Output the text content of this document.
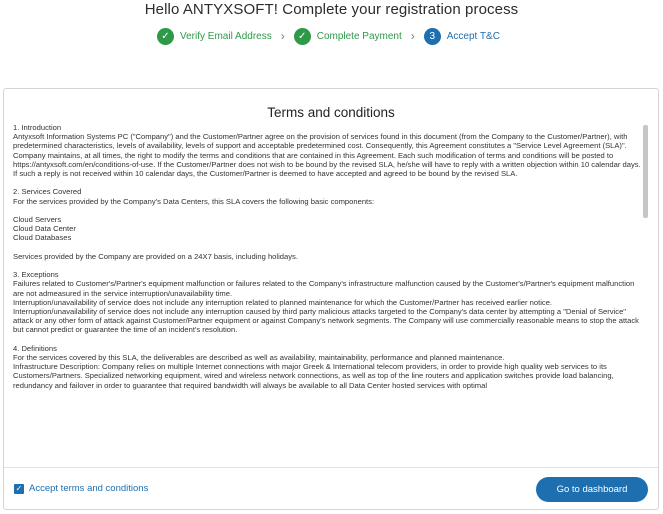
Hello ANTYXSOFT! Complete your registration process
✓	Verify Email Address ›	✓	Complete Payment ›	3	Accept T&C
Terms and conditions

1. Introduction

Antyxsoft Information Systems PC ("Company") and the Customer/Partner agree on the provision of services found in this document (from the Company to the Customer/Partner), with predetermined characteristics, levels of availability, levels of support and acceptable predetermined cost. Consequently, this Agreement constitutes a "Service Level Agreement (SLA)".

Company maintains, at all times, the right to modify the terms and conditions that are contained in this Agreement. Each such modification of terms and conditions will be posted to https://antyxsoft.com/en/conditions-of-use. If the Customer/Partner does not wish to be bound by the revised SLA, he/she will have to reply with a written objection within 10 calendar days. If such a reply is not received within 10 calendar days, the Customer/Partner is deemed to have accepted and agreed to be bound by the revised SLA.

2. Services Covered

For the services provided by the Company's Data Centers, this SLA covers the following basic components:

Cloud Servers

Cloud Data Center

Cloud Databases

Services provided by the Company are provided on a 24X7 basis, including holidays.

3. Exceptions

Failures related to Customer's/Partner's equipment malfunction or failures related to the Company's infrastructure malfunction caused by the Customer's/Partner's equipment malfunction are not admeasured in the service interruption/unavailability time.

Interruption/unavailability of service does not include any interruption related to planned maintenance for which the Customer/Partner has received earlier notice.

Interruption/unavailability of service does not include any interruption caused by third party malicious attacks targeted to the Company's data center by attempting a "Denial of Service" attack or any other form of attack against Customer/Partner equipment or against Company's network segments. The Company will use commercially reasonable means to stop the attack but cannot predict or guarantee the time of an incident's resolution.

4. Definitions

For the services covered by this SLA, the deliverables are described as well as availability, maintainability, performance and planned maintenance.

Infrastructure Description: Company relies on multiple Internet connections with major Greek & International telecom providers, in order to provide high quality web services to its Customers/Partners. Specialized networking equipment, wired and wireless network connections, as well as top of the line routers and application switches provide load balancing, redundancy and failover in order to guarantee that required bandwidth will always be available to all Data Center hosted services with optimal

✓ Accept terms and conditions	Go to dashboard
